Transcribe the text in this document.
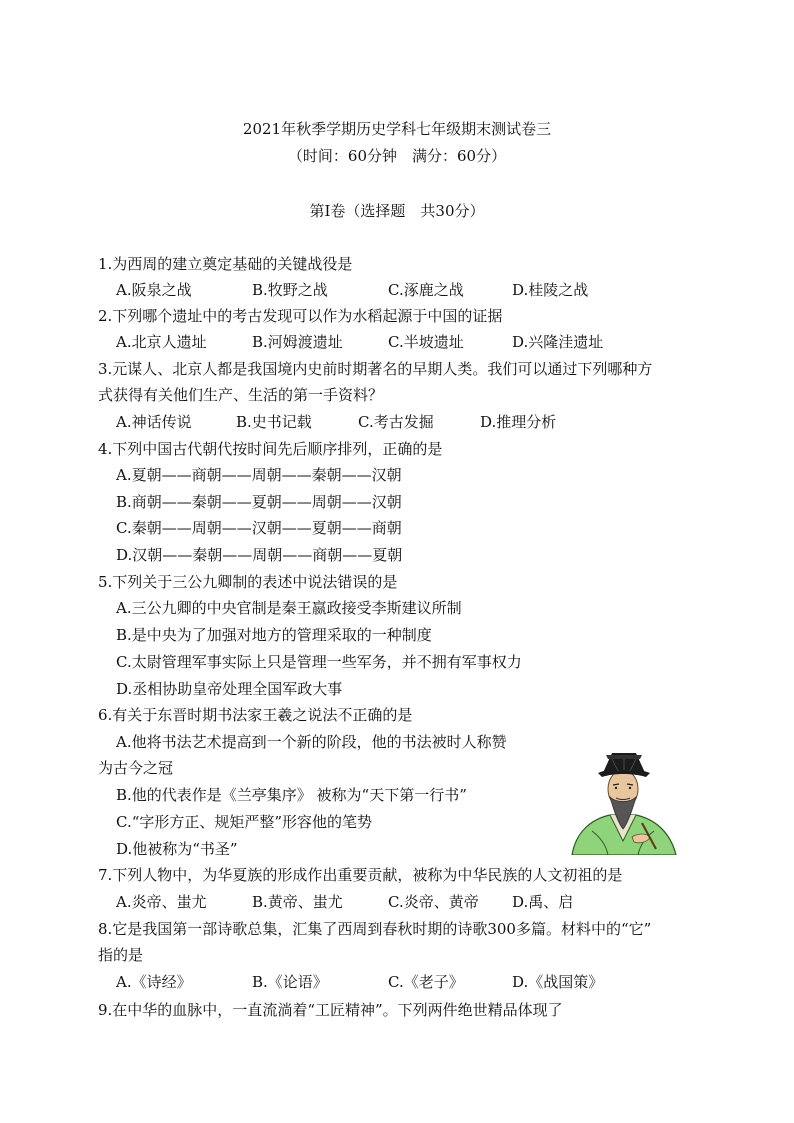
2021年秋季学期历史学科七年级期末测试卷三
（时间：60分钟　满分：60分）
第I卷（选择题　共30分）
1.为西周的建立奠定基础的关键战役是
A.阪泉之战	B.牧野之战	C.涿鹿之战	D.桂陵之战
2.下列哪个遗址中的考古发现可以作为水稻起源于中国的证据
A.北京人遗址	B.河姆渡遗址	C.半坡遗址	D.兴隆洼遗址
3.元谋人、北京人都是我国境内史前时期著名的早期人类。我们可以通过下列哪种方
式获得有关他们生产、生活的第一手资料？
A.神话传说	B.史书记载	C.考古发掘	D.推理分析
4.下列中国古代朝代按时间先后顺序排列，正确的是
A.夏朝——商朝——周朝——秦朝——汉朝
B.商朝——秦朝——夏朝——周朝——汉朝
C.秦朝——周朝——汉朝——夏朝——商朝
D.汉朝——秦朝——周朝——商朝——夏朝
5.下列关于三公九卿制的表述中说法错误的是
A.三公九卿的中央官制是秦王嬴政接受李斯建议所制
B.是中央为了加强对地方的管理采取的一种制度
C.太尉管理军事实际上只是管理一些军务，并不拥有军事权力
D.丞相协助皇帝处理全国军政大事
6.有关于东晋时期书法家王羲之说法不正确的是
A.他将书法艺术提高到一个新的阶段，他的书法被时人称赞
为古今之冠
B.他的代表作是《兰亭集序》 被称为“天下第一行书”
C.“字形方正、规矩严整”形容他的笔势
D.他被称为“书圣”
7.下列人物中，为华夏族的形成作出重要贡献，被称为中华民族的人文初祖的是
A.炎帝、蚩尤	B.黄帝、蚩尤	C.炎帝、黄帝 D.禹、启
8.它是我国第一部诗歌总集，汇集了西周到春秋时期的诗歌300多篇。材料中的“它”
指的是
A.《诗经》	B.《论语》	C.《老子》	D.《战国策》
9.在中华的血脉中，一直流淌着“工匠精神”。下列两件绝世精品体现了
